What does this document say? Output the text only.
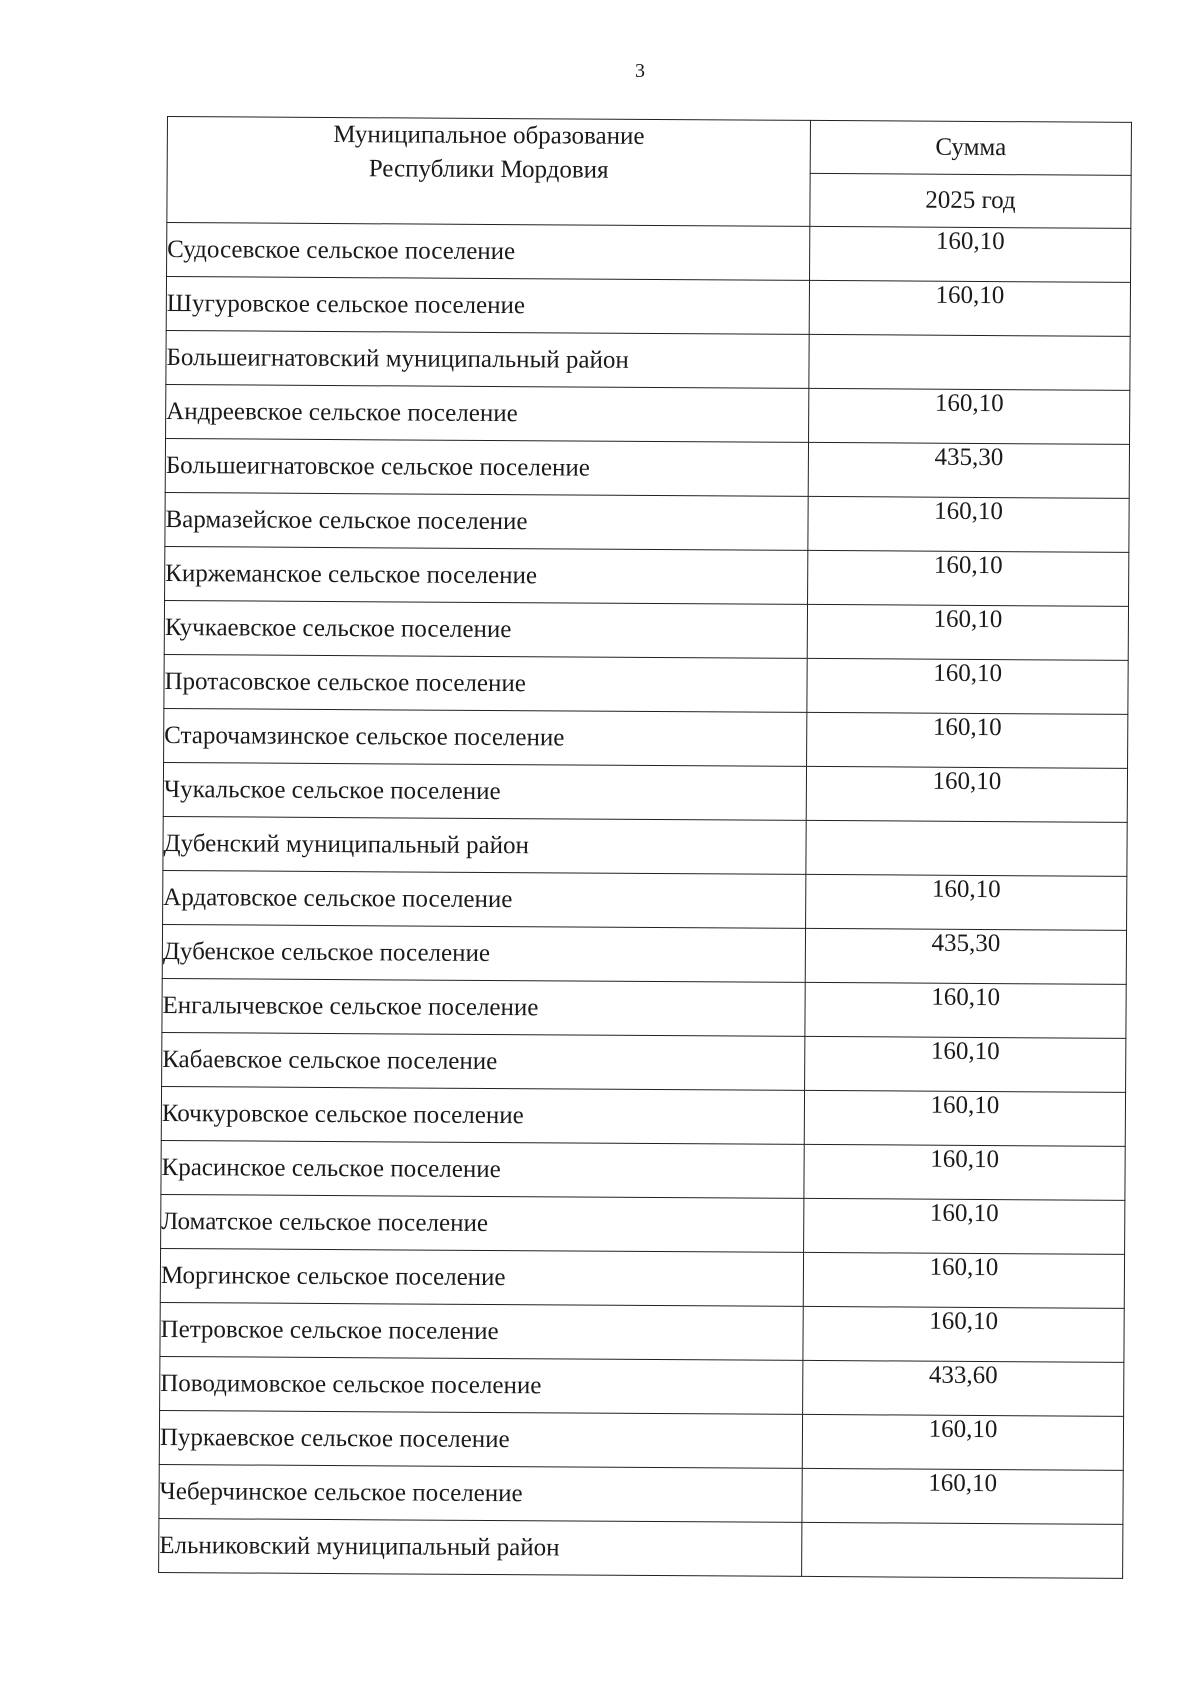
3
Муниципальное образование
Республики Мордовия	Сумма
	2025 год
Судосевское сельское поселение	160,10
Шугуровское сельское поселение	160,10
Большеигнатовский муниципальный район	
Андреевское сельское поселение	160,10
Большеигнатовское сельское поселение	435,30
Вармазейское сельское поселение	160,10
Киржеманское сельское поселение	160,10
Кучкаевское сельское поселение	160,10
Протасовское сельское поселение	160,10
Старочамзинское сельское поселение	160,10
Чукальское сельское поселение	160,10
Дубенский муниципальный район	
Ардатовское сельское поселение	160,10
Дубенское сельское поселение	435,30
Енгалычевское сельское поселение	160,10
Кабаевское сельское поселение	160,10
Кочкуровское сельское поселение	160,10
Красинское сельское поселение	160,10
Ломатское сельское поселение	160,10
Моргинское сельское поселение	160,10
Петровское сельское поселение	160,10
Поводимовское сельское поселение	433,60
Пуркаевское сельское поселение	160,10
Чеберчинское сельское поселение	160,10
Ельниковский муниципальный район	
